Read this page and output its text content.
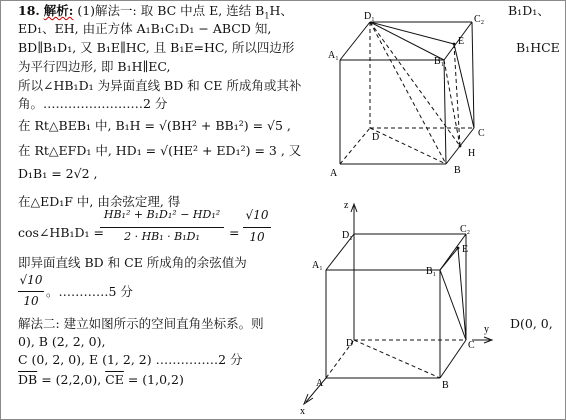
18. 解析: (1)解法一: 取 BC 中点 E, 连结 $B_1H$、
ED₁、EH, 由正方体 A₁B₁C₁D₁ − ABCD 知,
BD∥B₁D₁, 又 B₁E∥HC, 且 B₁E=HC, 所以四边形
为平行四边形, 即 B₁H∥EC,
所以∠HB₁D₁ 为异面直线 BD 和 CE 所成角或其补
角。……………………2 分
在 Rt△BEB₁ 中, B₁H = √(BH² + BB₁²) = √5 ,
在 Rt△EFD₁ 中, HD₁ = √(HE² + ED₁²) = 3 , 又
D₁B₁ = 2√2 ,
在△ED₁F 中, 由余弦定理, 得
cos∠HB₁D₁ =
HB₁² + B₁D₁² − HD₁²
2 · HB₁ · B₁D₁	=
√10
10
即异面直线 BD 和 CE 所成角的余弦值为
√10
10
。…………5 分
解法二: 建立如图所示的空间直角坐标系。则
0), B (2, 2, 0),
C (0, 2, 0), E (1, 2, 2) ……………2 分
$\overline{DB} = (2,2,0)$, $\overline{CE} = (1,0,2)$
B₁D₁、
B₁HCE
D(0, 0,
D₁	C₂
A₁
B₁
E
C
H
B
D
A
z
D₁
C₂
A₁
B₁
E
D	C
y
A	B
x
